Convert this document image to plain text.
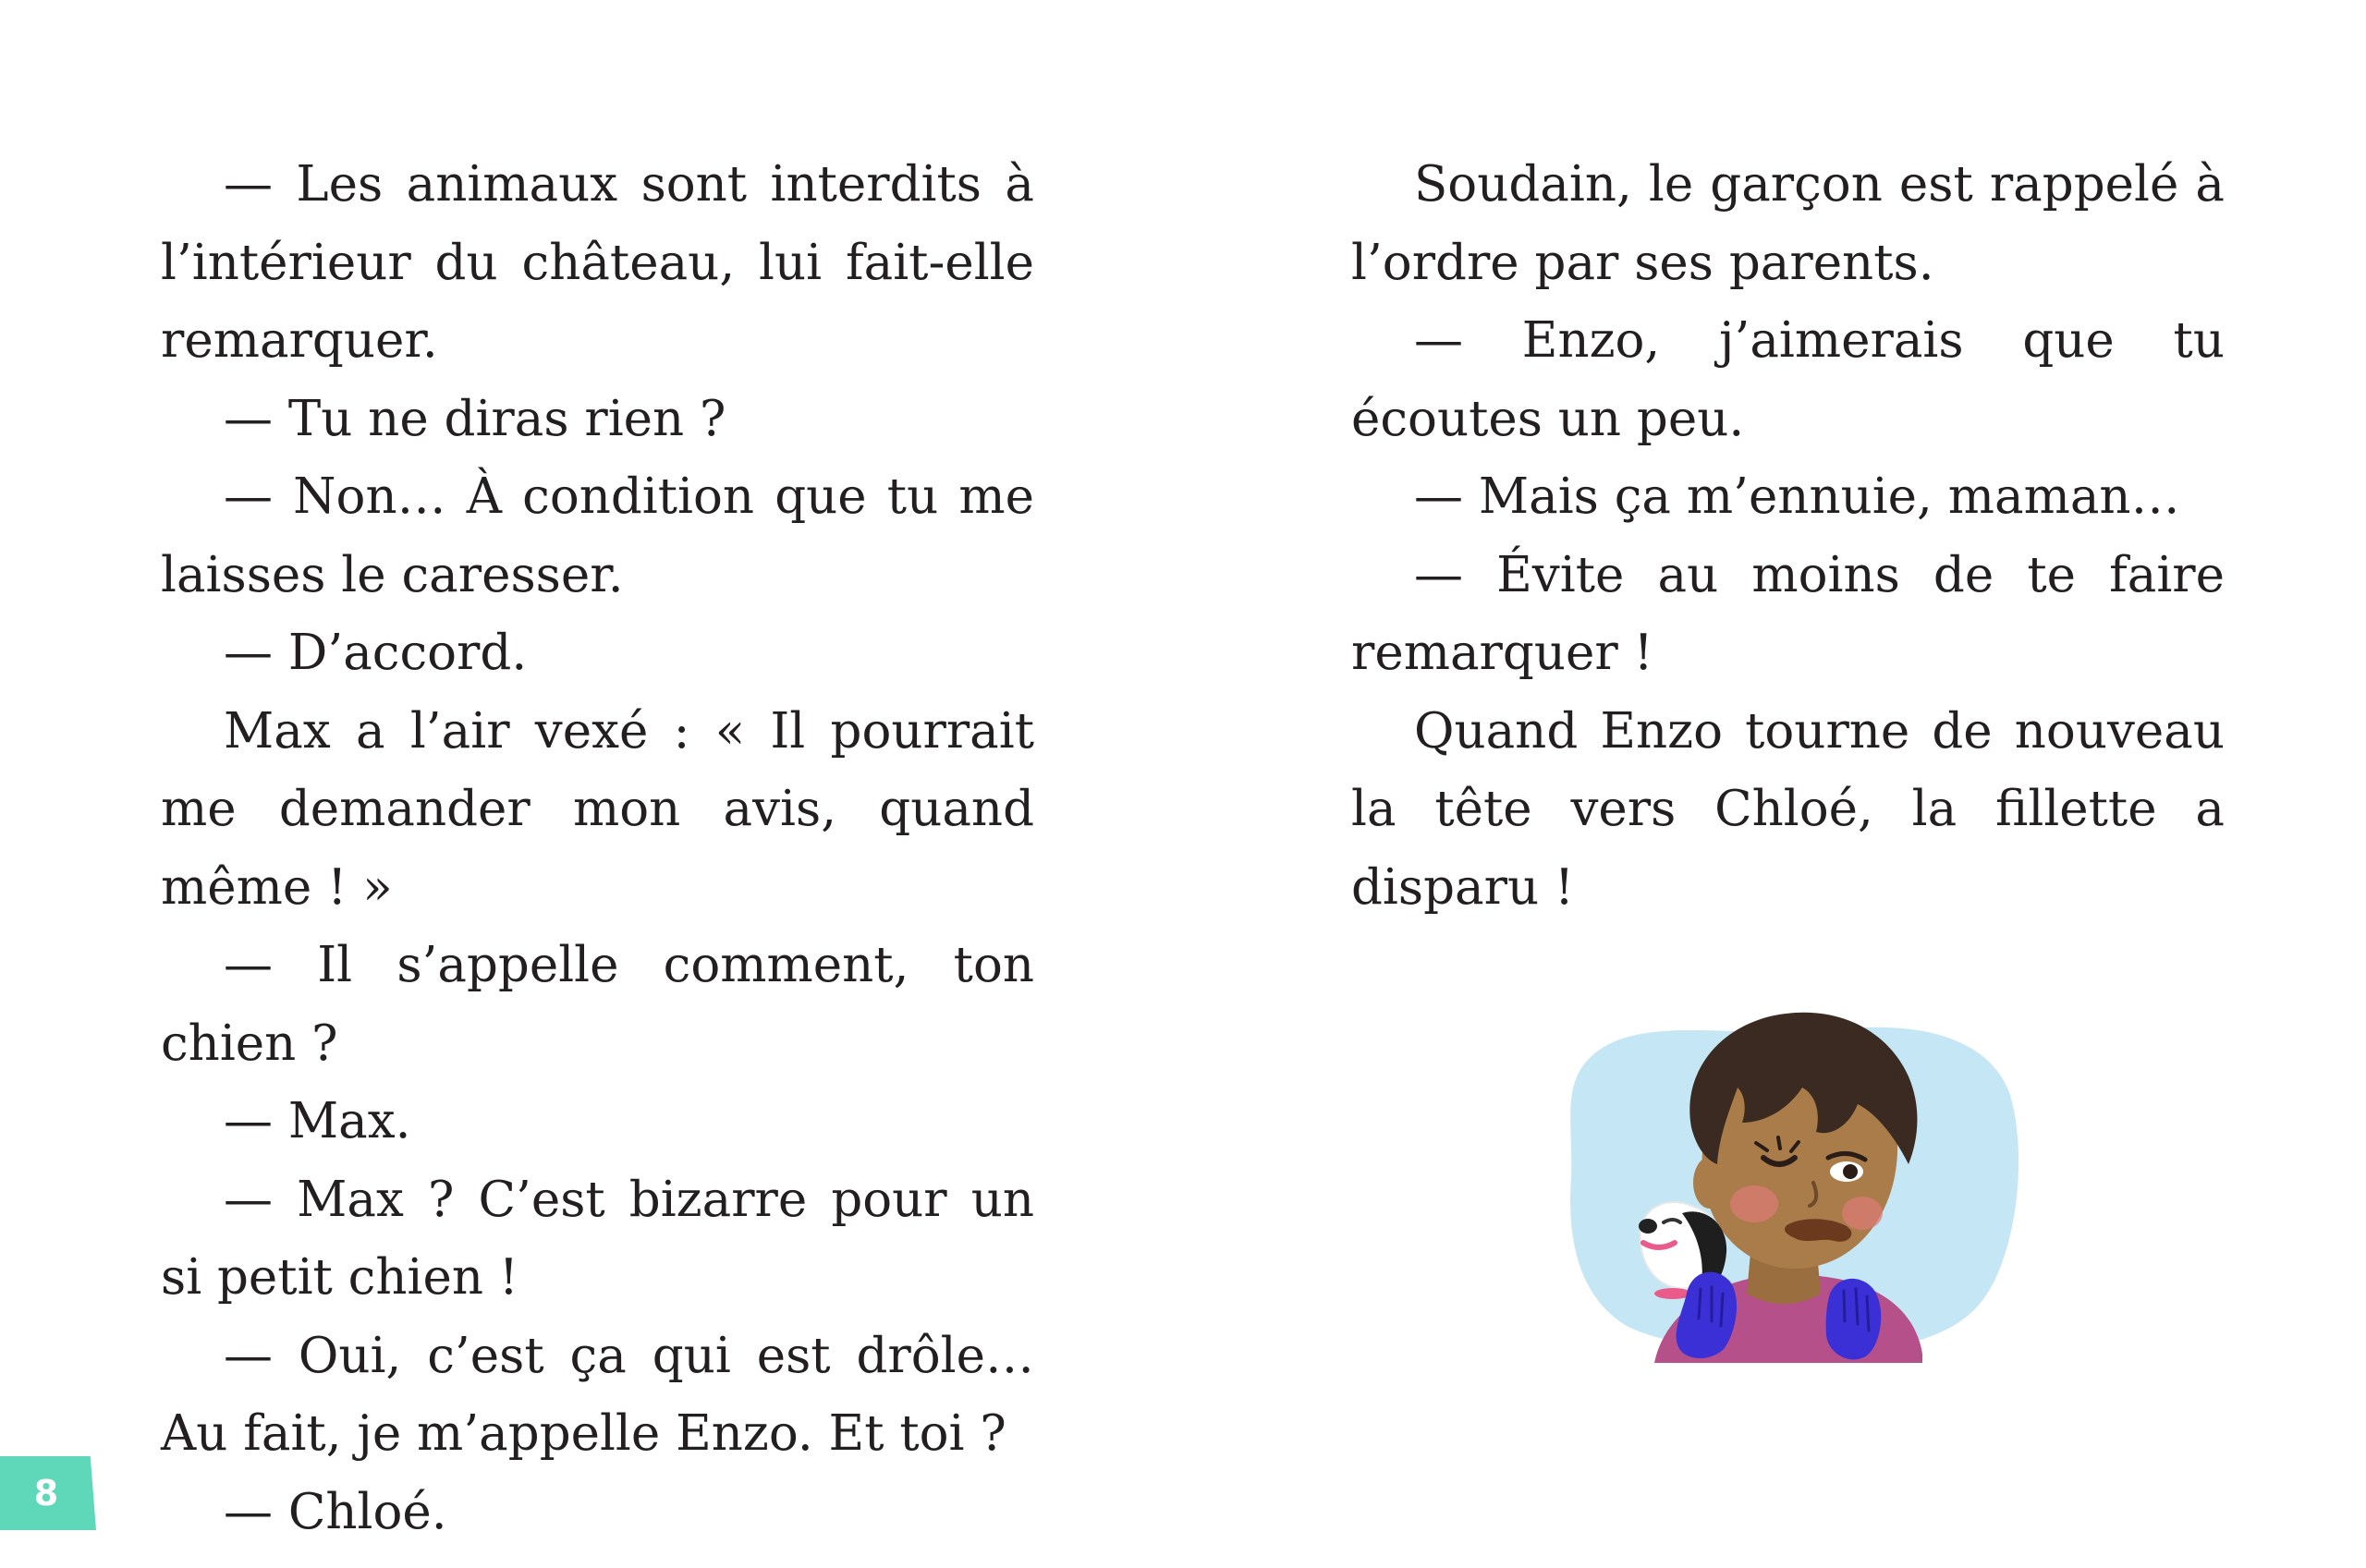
— Les animaux sont interdits à l’intérieur du château, lui fait-elle remarquer.

— Tu ne diras rien ?

— Non… À condition que tu me laisses le caresser.

— D’accord.

Max a l’air vexé : « Il pourrait me demander mon avis, quand même ! »

— Il s’appelle comment, ton chien ?

— Max.

— Max ? C’est bizarre pour un si petit chien !

— Oui, c’est ça qui est drôle… Au fait, je m’appelle Enzo. Et toi ?

— Chloé.

Soudain, le garçon est rappelé à l’ordre par ses parents.

— Enzo, j’aimerais que tu écoutes un peu.

— Mais ça m’ennuie, maman…

— Évite au moins de te faire remarquer !

Quand Enzo tourne de nouveau la tête vers Chloé, la fillette a disparu !

8
